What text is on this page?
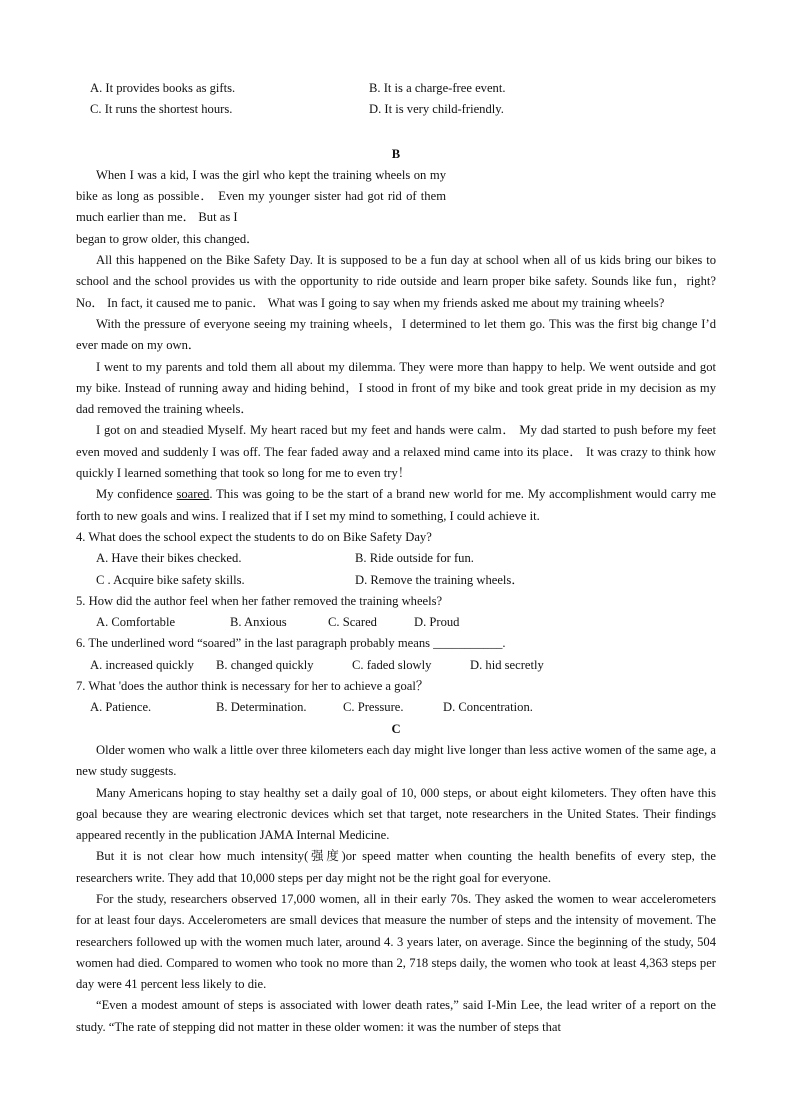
A. It provides books as gifts.	B. It is a charge-free event.
C. It runs the shortest hours.	D. It is very child-friendly.
B

When I was a kid, I was the girl who kept the training wheels on my bike as long as possible． Even my younger sister had got rid of them much earlier than me． But as I

began to grow older, this changed．

All this happened on the Bike Safety Day. It is supposed to be a fun day at school when all of us kids bring our bikes to school and the school provides us with the opportunity to ride outside and learn proper bike safety. Sounds like fun，right? No． In fact, it caused me to panic． What was I going to say when my friends asked me about my training wheels?

With the pressure of everyone seeing my training wheels，I determined to let them go. This was the first big change I’d ever made on my own．

I went to my parents and told them all about my dilemma. They were more than happy to help. We went outside and got my bike. Instead of running away and hiding behind，I stood in front of my bike and took great pride in my decision as my dad removed the training wheels．

I got on and steadied Myself. My heart raced but my feet and hands were calm． My dad started to push before my feet even moved and suddenly I was off. The fear faded away and a relaxed mind came into its place． It was crazy to think how quickly I learned something that took so long for me to even try！

My confidence soared. This was going to be the start of a brand new world for me. My accomplishment would carry me forth to new goals and wins. I realized that if I set my mind to something, I could achieve it.

4. What does the school expect the students to do on Bike Safety Day?
A. Have their bikes checked.	B. Ride outside for fun.
C . Acquire bike safety skills.	D. Remove the training wheels．
5. How did the author feel when her father removed the training wheels?
A. Comfortable	B. Anxious	C. Scared	D. Proud
6. The underlined word “soared” in the last paragraph probably means ___________.
A. increased quickly	B. changed quickly	C. faded slowly	D. hid secretly
7. What 'does the author think is necessary for her to achieve a goal？
A. Patience.	B. Determination.	C. Pressure.	D. Concentration.
C

Older women who walk a little over three kilometers each day might live longer than less active women of the same age, a new study suggests.

Many Americans hoping to stay healthy set a daily goal of 10, 000 steps, or about eight kilometers. They often have this goal because they are wearing electronic devices which set that target, note researchers in the United States. Their findings appeared recently in the publication JAMA Internal Medicine.

But it is not clear how much intensity(强度)or speed matter when counting the health benefits of every step, the researchers write. They add that 10,000 steps per day might not be the right goal for everyone.

For the study, researchers observed 17,000 women, all in their early 70s. They asked the women to wear accelerometers for at least four days. Accelerometers are small devices that measure the number of steps and the intensity of movement. The researchers followed up with the women much later, around 4. 3 years later, on average. Since the beginning of the study, 504 women had died. Compared to women who took no more than 2, 718 steps daily, the women who took at least 4,363 steps per day were 41 percent less likely to die.

“Even a modest amount of steps is associated with lower death rates,” said I-Min Lee, the lead writer of a report on the study. “The rate of stepping did not matter in these older women: it was the number of steps that
